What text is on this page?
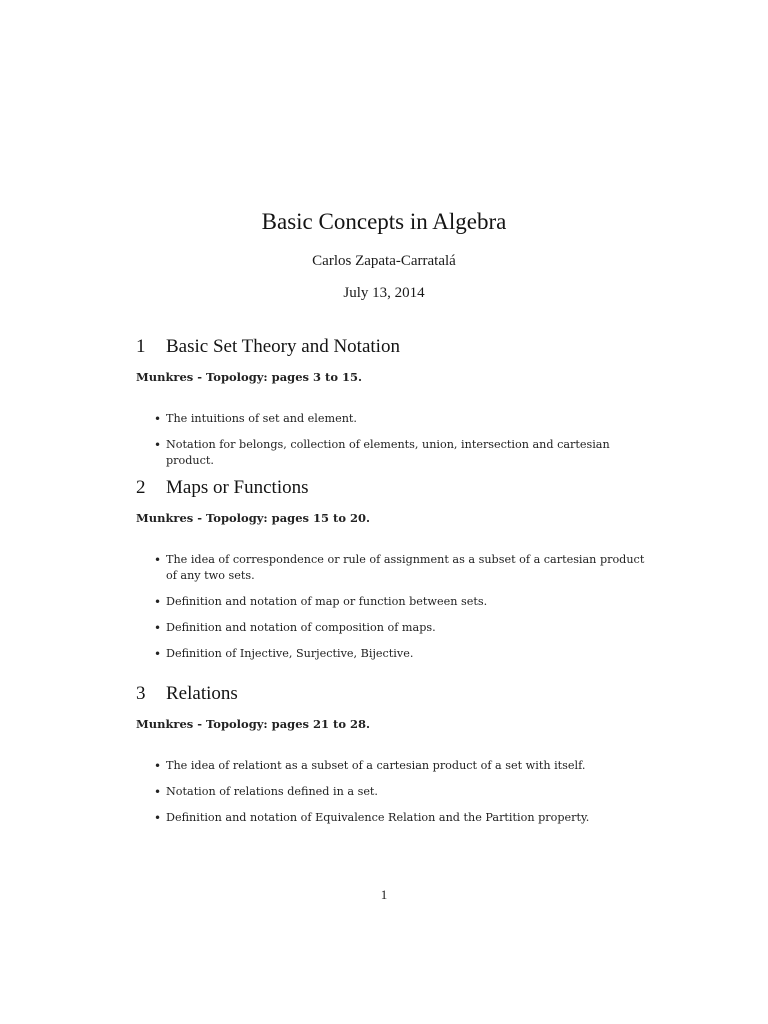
Basic Concepts in Algebra
Carlos Zapata-Carratalá
July 13, 2014
1 Basic Set Theory and Notation
Munkres - Topology: pages 3 to 15.
• The intuitions of set and element.
• Notation for belongs, collection of elements, union, intersection and cartesian product.
2 Maps or Functions
Munkres - Topology: pages 15 to 20.
• The idea of correspondence or rule of assignment as a subset of a cartesian product of any two sets.
• Definition and notation of map or function between sets.
• Definition and notation of composition of maps.
• Definition of Injective, Surjective, Bijective.
3 Relations
Munkres - Topology: pages 21 to 28.
• The idea of relationt as a subset of a cartesian product of a set with itself.
• Notation of relations defined in a set.
• Definition and notation of Equivalence Relation and the Partition property.
1
